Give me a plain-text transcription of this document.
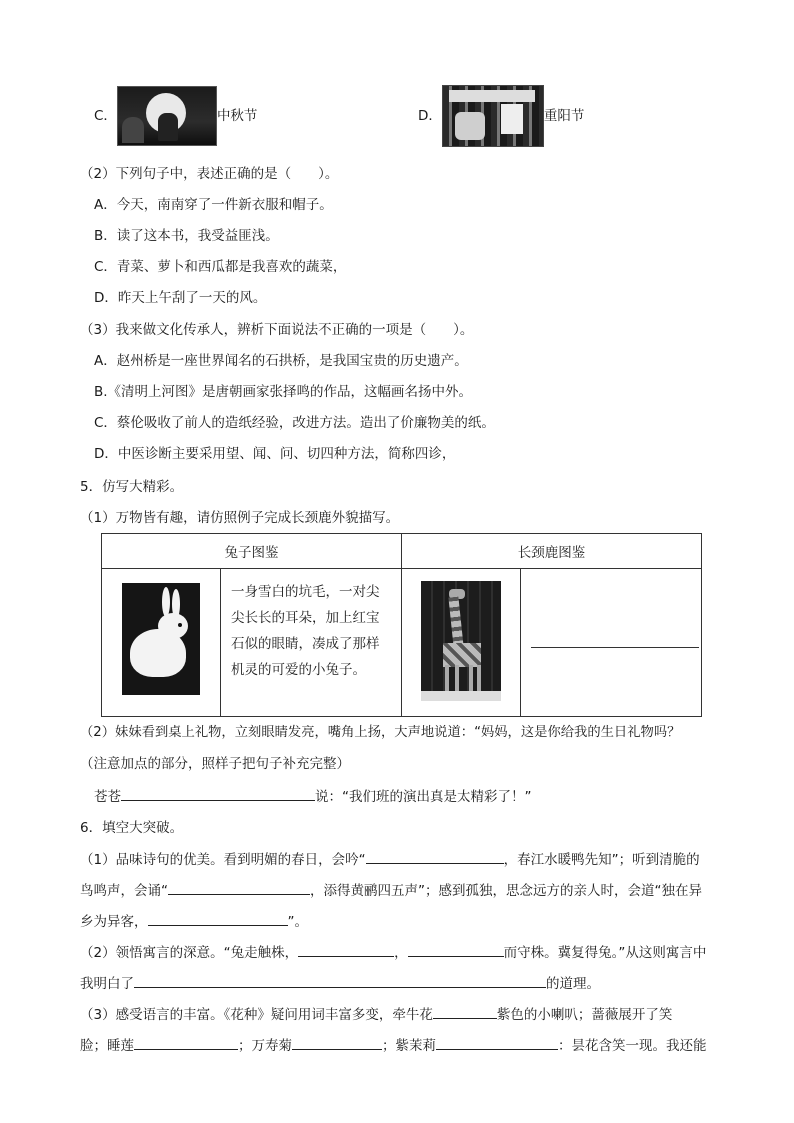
C．	中秋节	D．	重阳节
（2）下列句子中，表述正确的是（　　）。
A．今天，南南穿了一件新衣服和帽子。
B．读了这本书，我受益匪浅。
C．青菜、萝卜和西瓜都是我喜欢的蔬菜，
D．昨天上午刮了一天的风。
（3）我来做文化传承人，辨析下面说法不正确的一项是（　　）。
A．赵州桥是一座世界闻名的石拱桥，是我国宝贵的历史遗产。
B.《清明上河图》是唐朝画家张择鸣的作品，这幅画名扬中外。
C．蔡伦吸收了前人的造纸经验，改进方法。造出了价廉物美的纸。
D．中医诊断主要采用望、闻、问、切四种方法，简称四诊，
5．仿写大精彩。
（1）万物皆有趣，请仿照例子完成长颈鹿外貌描写。
兔子图鉴		长颈鹿图鉴	

	一身雪白的坑毛，一对尖尖长长的耳朵，加上红宝石似的眼睛，凑成了那样机灵的可爱的小兔子。		

（2）妹妹看到桌上礼物，立刻眼睛发亮，嘴角上扬，大声地说道：“妈妈，这是你给我的生日礼物吗？
（注意加点的部分，照样子把句子补充完整）
苍苍	说：“我们班的演出真是太精彩了！”
6．填空大突破。
（1）品味诗句的优美。看到明媚的春日，会吟“	，春江水暖鸭先知”；听到清脆的
鸟鸣声，会诵“	，添得黄鹂四五声”；感到孤独，思念远方的亲人时，会道“独在异
乡为异客，	”。
（2）领悟寓言的深意。“兔走触株，	，	而守株。冀复得兔。”从这则寓言中
我明白了	的道理。
（3）感受语言的丰富。《花种》疑问用词丰富多变，牵牛花	紫色的小喇叭；蔷薇展开了笑
脸；睡莲	；万寿菊	；紫茉莉	：昙花含笑一现。我还能
